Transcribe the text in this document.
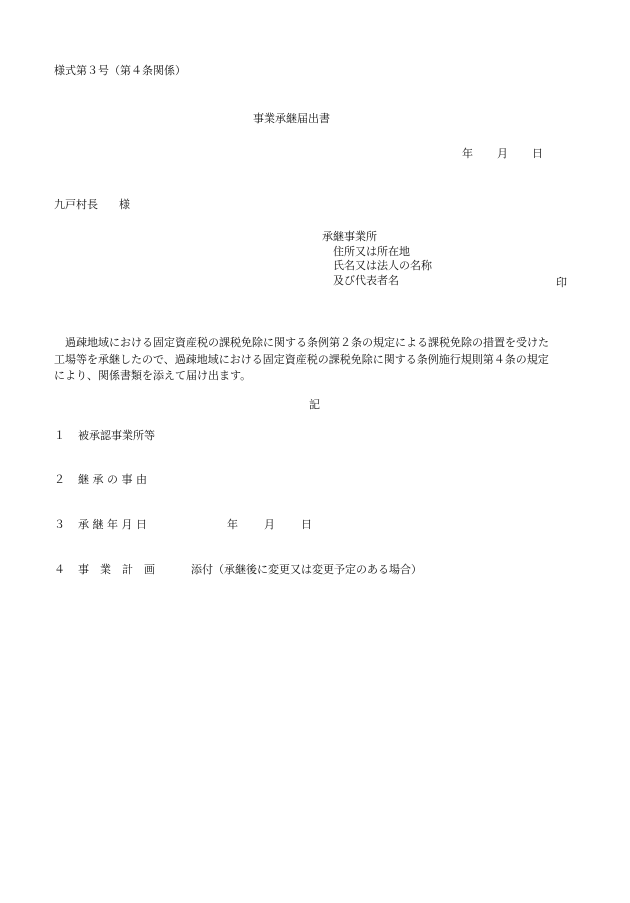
様式第３号（第４条関係）
事業承継届出書
年 月 日
九戸村長 様
承継事業所
住所又は所在地
氏名又は法人の名称
及び代表者名	印
過疎地域における固定資産税の課税免除に関する条例第２条の規定による課税免除の措置を受けた
工場等を承継したので、過疎地域における固定資産税の課税免除に関する条例施行規則第４条の規定
により、関係書類を添えて届け出ます。
記
１ 被承認事業所等
２ 継 承 の 事 由
３ 承 継 年 月 日	年 月 日
４ 事　業　計　画	添付（承継後に変更又は変更予定のある場合）
